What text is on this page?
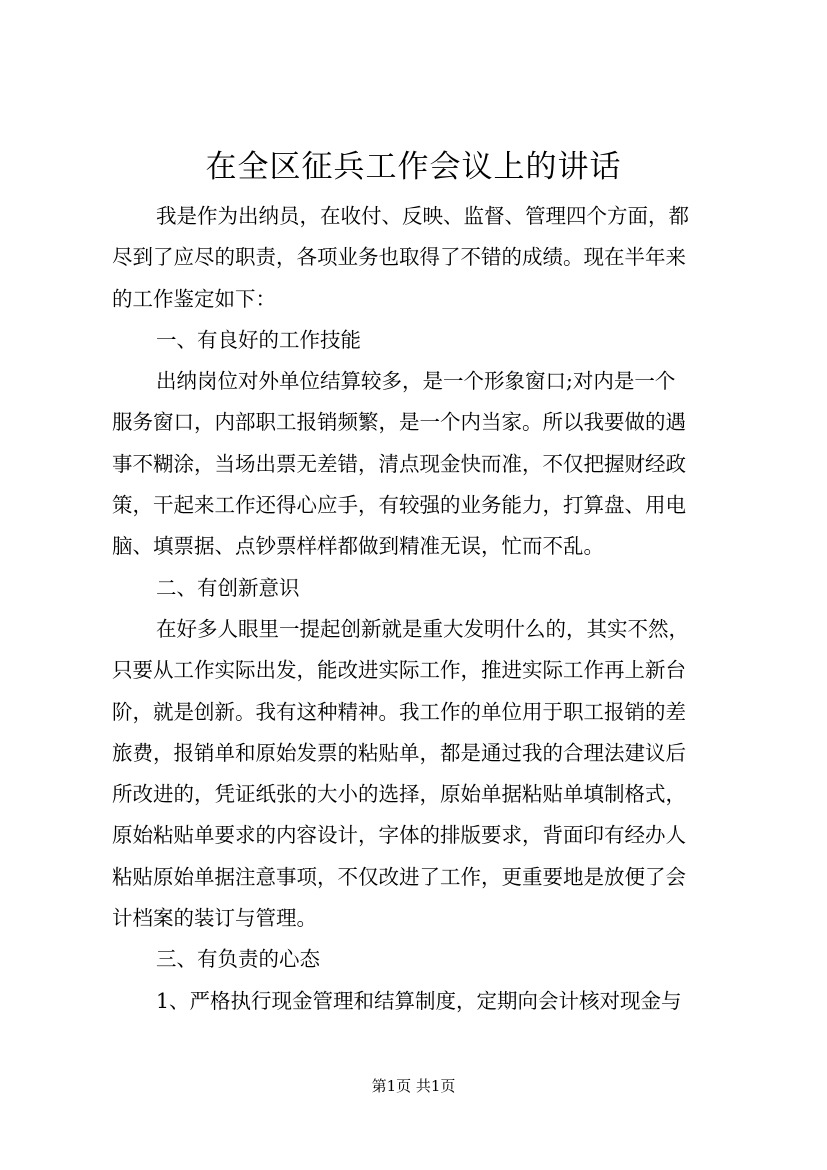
在全区征兵工作会议上的讲话
我是作为出纳员，在收付、反映、监督、管理四个方面，都
尽到了应尽的职责，各项业务也取得了不错的成绩。现在半年来
的工作鉴定如下：
一、有良好的工作技能
出纳岗位对外单位结算较多，是一个形象窗口;对内是一个
服务窗口，内部职工报销频繁，是一个内当家。所以我要做的遇
事不糊涂，当场出票无差错，清点现金快而准，不仅把握财经政
策，干起来工作还得心应手，有较强的业务能力，打算盘、用电
脑、填票据、点钞票样样都做到精准无误，忙而不乱。
二、有创新意识
在好多人眼里一提起创新就是重大发明什么的，其实不然，
只要从工作实际出发，能改进实际工作，推进实际工作再上新台
阶，就是创新。我有这种精神。我工作的单位用于职工报销的差
旅费，报销单和原始发票的粘贴单，都是通过我的合理法建议后
所改进的，凭证纸张的大小的选择，原始单据粘贴单填制格式，
原始粘贴单要求的内容设计，字体的排版要求，背面印有经办人
粘贴原始单据注意事项，不仅改进了工作，更重要地是放便了会
计档案的装订与管理。
三、有负责的心态
1、严格执行现金管理和结算制度，定期向会计核对现金与
第1页 共1页
